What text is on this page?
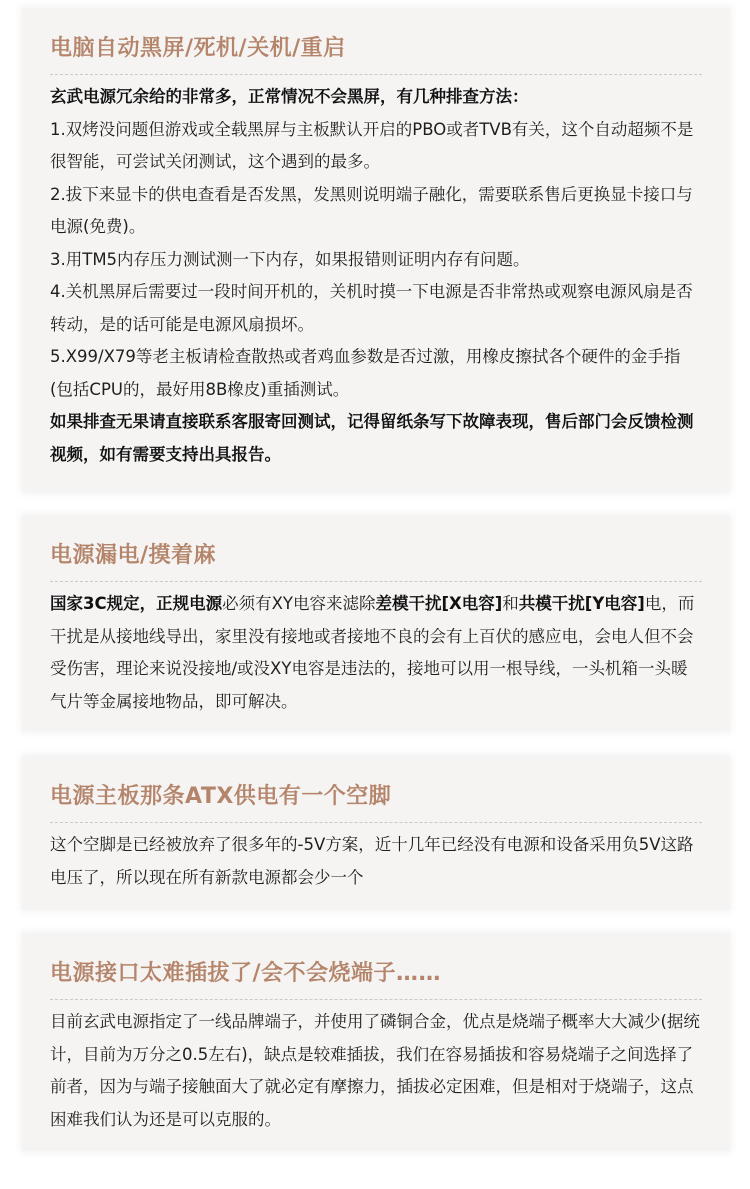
电脑自动黑屏/死机/关机/重启

玄武电源冗余给的非常多，正常情况不会黑屏，有几种排查方法：

1.双烤没问题但游戏或全载黑屏与主板默认开启的PBO或者TVB有关，这个自动超频不是很智能，可尝试关闭测试，这个遇到的最多。

2.拔下来显卡的供电查看是否发黑，发黑则说明端子融化，需要联系售后更换显卡接口与电源(免费)。

3.用TM5内存压力测试测一下内存，如果报错则证明内存有问题。

4.关机黑屏后需要过一段时间开机的，关机时摸一下电源是否非常热或观察电源风扇是否转动，是的话可能是电源风扇损坏。

5.X99/X79等老主板请检查散热或者鸡血参数是否过激，用橡皮擦拭各个硬件的金手指(包括CPU的，最好用8B橡皮)重插测试。

如果排查无果请直接联系客服寄回测试，记得留纸条写下故障表现，售后部门会反馈检测视频，如有需要支持出具报告。

电源漏电/摸着麻

国家3C规定，正规电源必须有XY电容来滤除差模干扰[X电容]和共模干扰[Y电容]电，而干扰是从接地线导出，家里没有接地或者接地不良的会有上百伏的感应电，会电人但不会受伤害，理论来说没接地/或没XY电容是违法的，接地可以用一根导线，一头机箱一头暖气片等金属接地物品，即可解决。

电源主板那条ATX供电有一个空脚

这个空脚是已经被放弃了很多年的-5V方案，近十几年已经没有电源和设备采用负5V这路电压了，所以现在所有新款电源都会少一个

电源接口太难插拔了/会不会烧端子……

目前玄武电源指定了一线品牌端子，并使用了磷铜合金，优点是烧端子概率大大减少(据统计，目前为万分之0.5左右)，缺点是较难插拔，我们在容易插拔和容易烧端子之间选择了前者，因为与端子接触面大了就必定有摩擦力，插拔必定困难，但是相对于烧端子，这点困难我们认为还是可以克服的。
